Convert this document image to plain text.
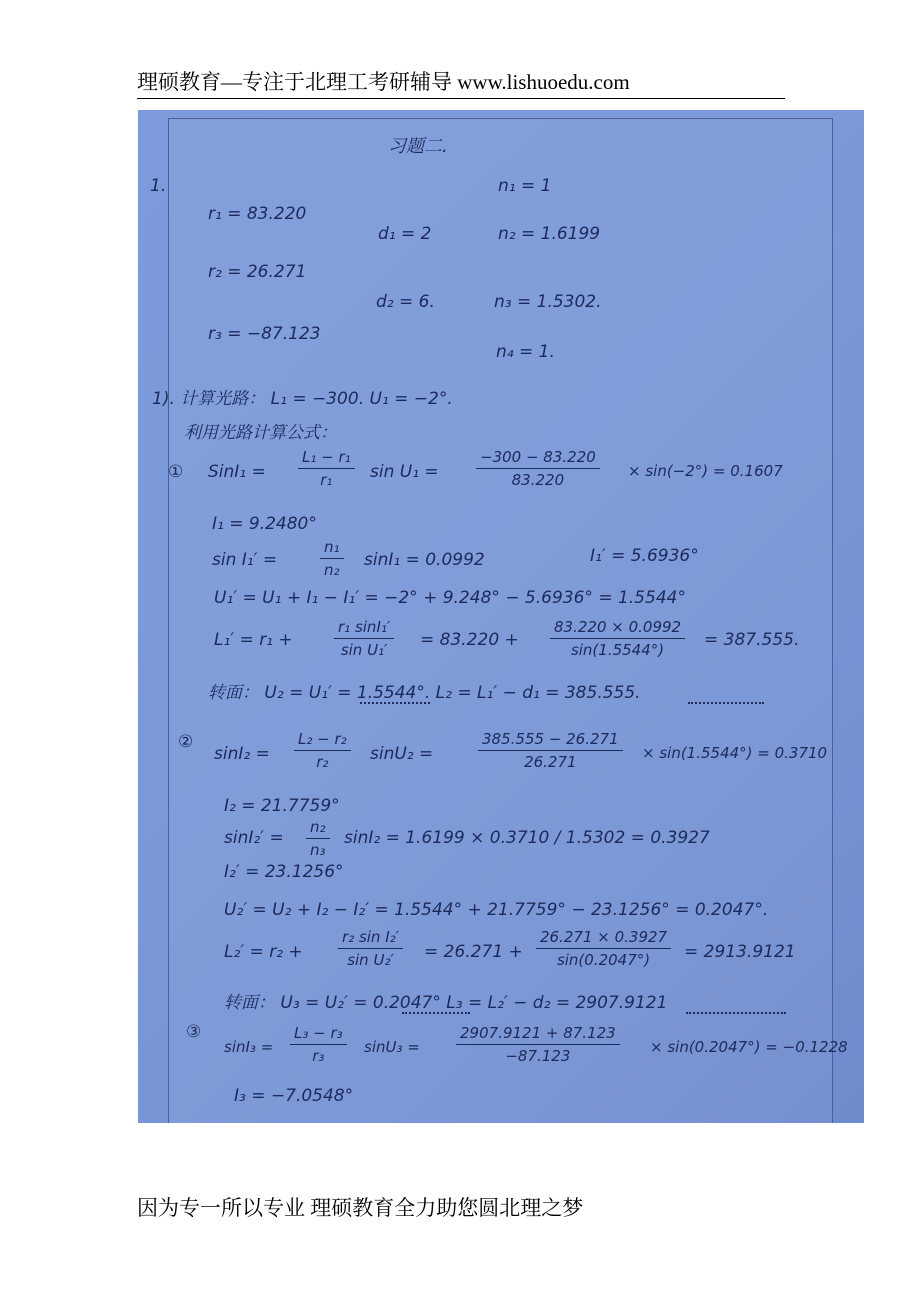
理硕教育—专注于北理工考研辅导 www.lishuoedu.com
习题二.
1.	n₁ = 1
r₁ = 83.220
d₁ = 2	n₂ = 1.6199
r₂ = 26.271
d₂ = 6.	n₃ = 1.5302.
r₃ = −87.123
n₄ = 1.
1). 计算光路： L₁ = −300. U₁ = −2°.
利用光路计算公式：
① SinI₁ = $\frac{\text{L₁ − r₁}}{\text{r₁}}$ $\sin U_1 = \frac{-300 - 83.220}{83.220} \times \sin(-2^\circ) = 0.1607$
I₁ = 9.2480°
sin I₁′ =	$\frac{\text{n₁}}{\text{n₂}} \sin I_1 = 0.0992$	I₁′ = 5.6936°
U₁′ = U₁ + I₁ − I₁′ = −2° + 9.248° − 5.6936° = 1.5544°
L₁′ = r₁ +	$\frac{\text{r₁ sinI₁′}}{\text{sin U₁′}} = 83.220 + \frac{83.220 \times 0.0992}{\sin(1.5544^\circ)} = 387.555$.
转面： U₂ = U₁′ = 1.5544°. L₂ = L₁′ − d₁ = 385.555.
②
$\sin I_2 = \frac{\text{L₂ − r₂}}{\text{r₂}} \sin U_2$ =	$\frac{385.555 - 26.271}{26.271} \times \sin(1.5544^\circ) = 0.3710$
I₂ = 21.7759°
$\sin I_2' = \frac{\text{n₂}}{\text{n₃}} \sin I_2 = 1.6199 \times 0.3710 / 1.5302 = 0.3927$
I₂′ = 23.1256°
U₂′ = U₂ + I₂ − I₂′ = 1.5544° + 21.7759° − 23.1256° = 0.2047°.
$L_2' = r_2 + \frac{\text{r₂ sin I₂′}}{\text{sin U₂′}} = 26.271 + \frac{26.271 \times 0.3927}{\sin(0.2047^\circ)} = 2913.9121$
转面： U₃ = U₂′ = 0.2047° L₃ = L₂′ − d₂ = 2907.9121
③
$\sin I_3 = \frac{\text{L₃ − r₃}}{\text{r₃}} \sin U_3 = \frac{2907.9121 + 87.123}{-87.123} \times \sin(0.2047^\circ) = -0.1228$
I₃ = −7.0548°
因为专一所以专业 理硕教育全力助您圆北理之梦
